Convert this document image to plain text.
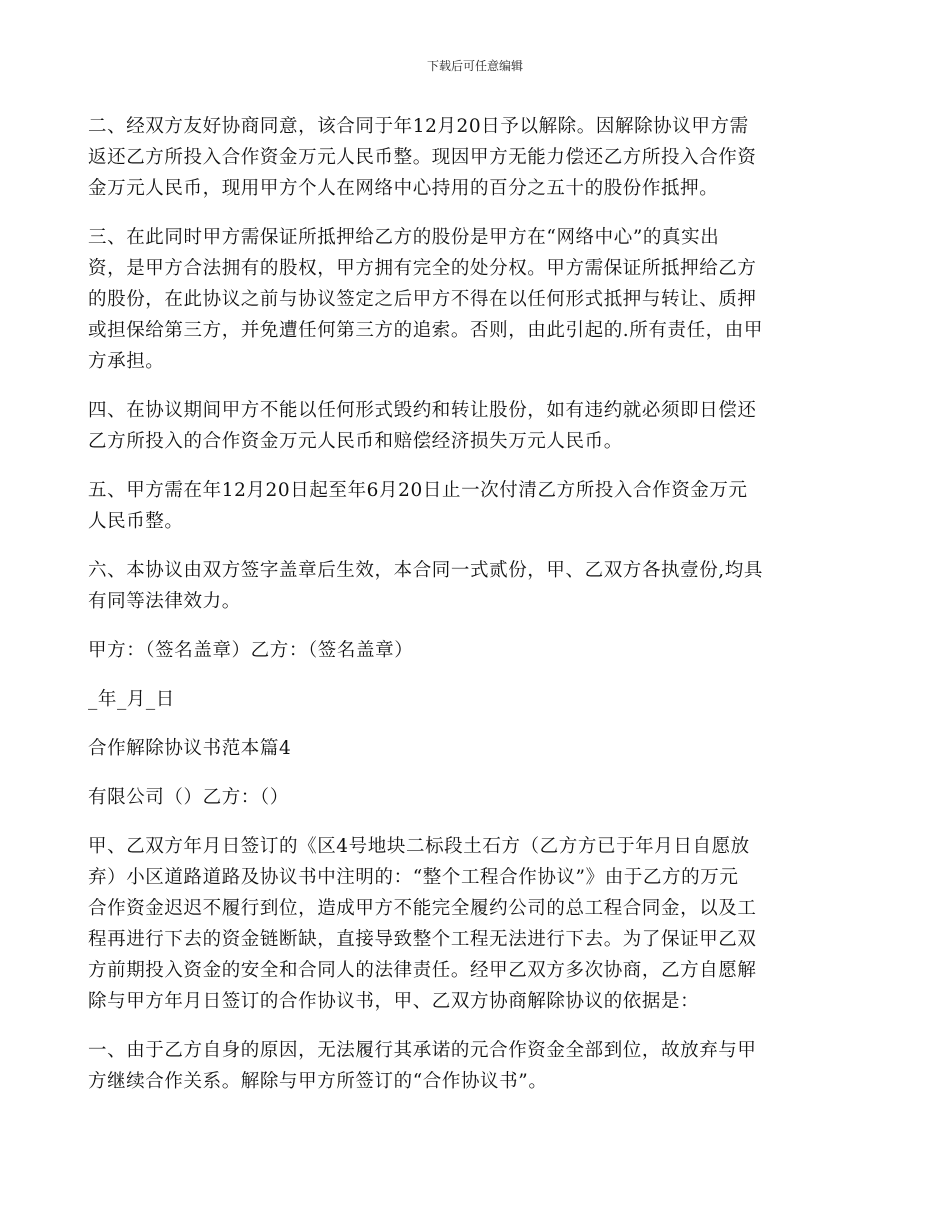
下载后可任意编辑

二、经双方友好协商同意，该合同于年12月20日予以解除。因解除协议甲方需
返还乙方所投入合作资金万元人民币整。现因甲方无能力偿还乙方所投入合作资
金万元人民币，现用甲方个人在网络中心持用的百分之五十的股份作抵押。

三、在此同时甲方需保证所抵押给乙方的股份是甲方在“网络中心”的真实出
资，是甲方合法拥有的股权，甲方拥有完全的处分权。甲方需保证所抵押给乙方
的股份，在此协议之前与协议签定之后甲方不得在以任何形式抵押与转让、质押
或担保给第三方，并免遭任何第三方的追索。否则，由此引起的.所有责任，由甲
方承担。

四、在协议期间甲方不能以任何形式毁约和转让股份，如有违约就必须即日偿还
乙方所投入的合作资金万元人民币和赔偿经济损失万元人民币。

五、甲方需在年12月20日起至年6月20日止一次付清乙方所投入合作资金万元
人民币整。

六、本协议由双方签字盖章后生效，本合同一式贰份，甲、乙双方各执壹份,均具
有同等法律效力。

甲方：（签名盖章）乙方：（签名盖章）

_年_月_日

合作解除协议书范本篇4

有限公司（）乙方：（）

甲、乙双方年月日签订的《区4号地块二标段土石方（乙方方已于年月日自愿放
弃）小区道路道路及协议书中注明的：“整个工程合作协议”》由于乙方的万元
合作资金迟迟不履行到位，造成甲方不能完全履约公司的总工程合同金，以及工
程再进行下去的资金链断缺，直接导致整个工程无法进行下去。为了保证甲乙双
方前期投入资金的安全和合同人的法律责任。经甲乙双方多次协商，乙方自愿解
除与甲方年月日签订的合作协议书，甲、乙双方协商解除协议的依据是：

一、由于乙方自身的原因，无法履行其承诺的元合作资金全部到位，故放弃与甲
方继续合作关系。解除与甲方所签订的“合作协议书”。
